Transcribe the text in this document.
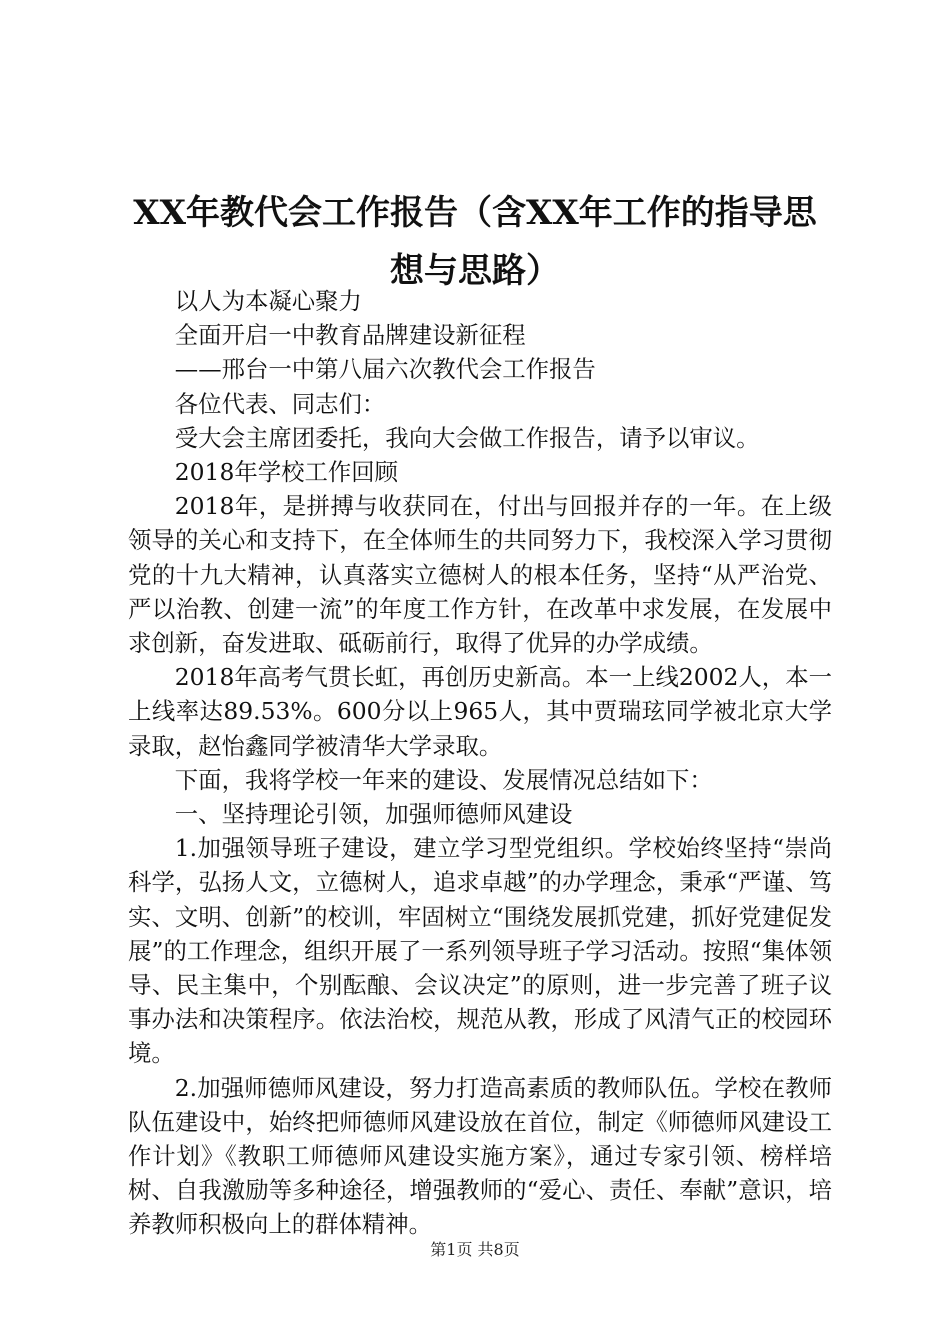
XX年教代会工作报告（含XX年工作的指导思想与思路）

以人为本凝心聚力

全面开启一中教育品牌建设新征程

——邢台一中第八届六次教代会工作报告

各位代表、同志们：

受大会主席团委托，我向大会做工作报告，请予以审议。

2018年学校工作回顾

2018年，是拼搏与收获同在，付出与回报并存的一年。在上级领导的关心和支持下，在全体师生的共同努力下，我校深入学习贯彻党的十九大精神，认真落实立德树人的根本任务，坚持“从严治党、严以治教、创建一流”的年度工作方针，在改革中求发展，在发展中求创新，奋发进取、砥砺前行，取得了优异的办学成绩。

2018年高考气贯长虹，再创历史新高。本一上线2002人，本一上线率达89.53%。600分以上965人，其中贾瑞玹同学被北京大学录取，赵怡鑫同学被清华大学录取。

下面，我将学校一年来的建设、发展情况总结如下：

一、坚持理论引领，加强师德师风建设

1.加强领导班子建设，建立学习型党组织。学校始终坚持“崇尚科学，弘扬人文，立德树人，追求卓越”的办学理念，秉承“严谨、笃实、文明、创新”的校训，牢固树立“围绕发展抓党建，抓好党建促发展”的工作理念，组织开展了一系列领导班子学习活动。按照“集体领导、民主集中，个别酝酿、会议决定”的原则，进一步完善了班子议事办法和决策程序。依法治校，规范从教，形成了风清气正的校园环境。

2.加强师德师风建设，努力打造高素质的教师队伍。学校在教师队伍建设中，始终把师德师风建设放在首位，制定《师德师风建设工作计划》《教职工师德师风建设实施方案》，通过专家引领、榜样培树、自我激励等多种途径，增强教师的“爱心、责任、奉献”意识，培养教师积极向上的群体精神。

第1页 共8页
